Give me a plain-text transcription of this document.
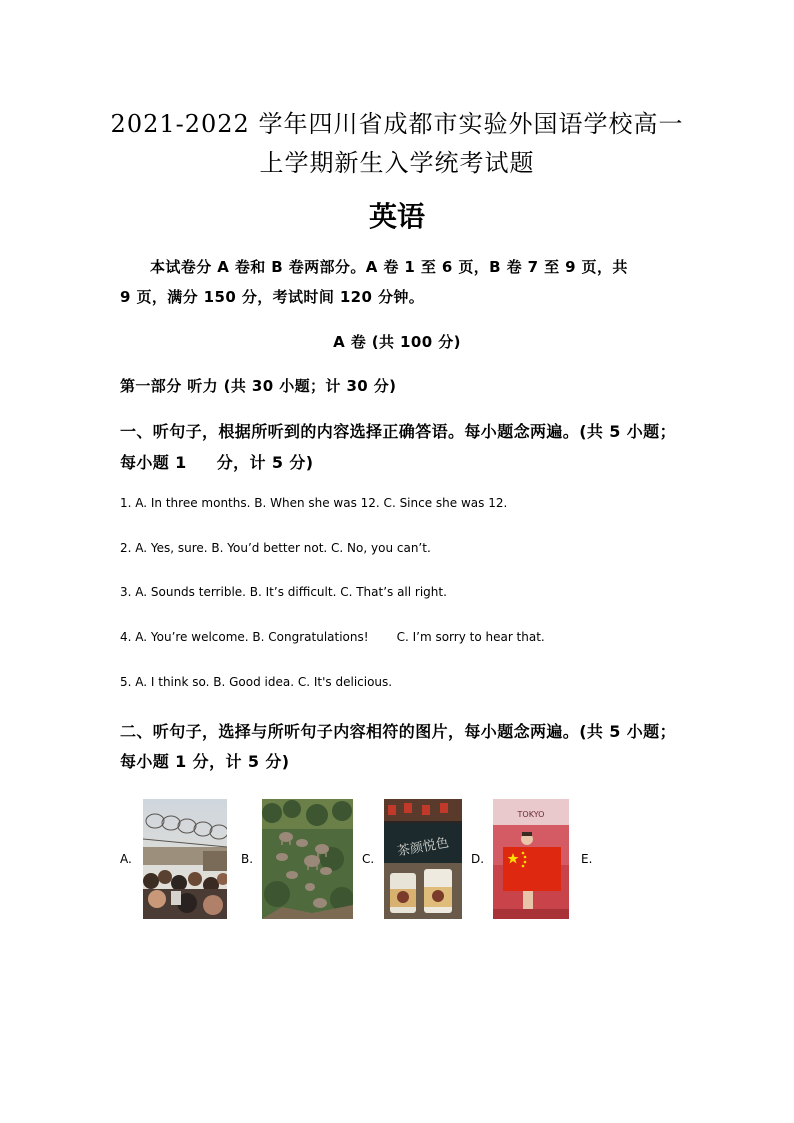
2021-2022 学年四川省成都市实验外国语学校高一
上学期新生入学统考试题
英语
本试卷分 A 卷和 B 卷两部分。A 卷 1 至 6 页，B 卷 7 至 9 页，共
9 页，满分 150 分，考试时间 120 分钟。
A 卷 (共 100 分)
第一部分 听力 (共 30 小题；计 30 分)
一、听句子，根据所听到的内容选择正确答语。每小题念两遍。(共 5 小题；
每小题 1 分，计 5 分)
1. A. In three months. B. When she was 12. C. Since she was 12.
2. A. Yes, sure. B. You’d better not. C. No, you can’t.
3. A. Sounds terrible. B. It’s difficult. C. That’s all right.
4. A. You’re welcome. B. Congratulations! C. I’m sorry to hear that.
5. A. I think so. B. Good idea. C. It's delicious.
二、听句子，选择与所听句子内容相符的图片，每小题念两遍。(共 5 小题；
每小题 1 分，计 5 分)
A.	B.	C.	D.	E.
茶颜悦色
TOKYO
